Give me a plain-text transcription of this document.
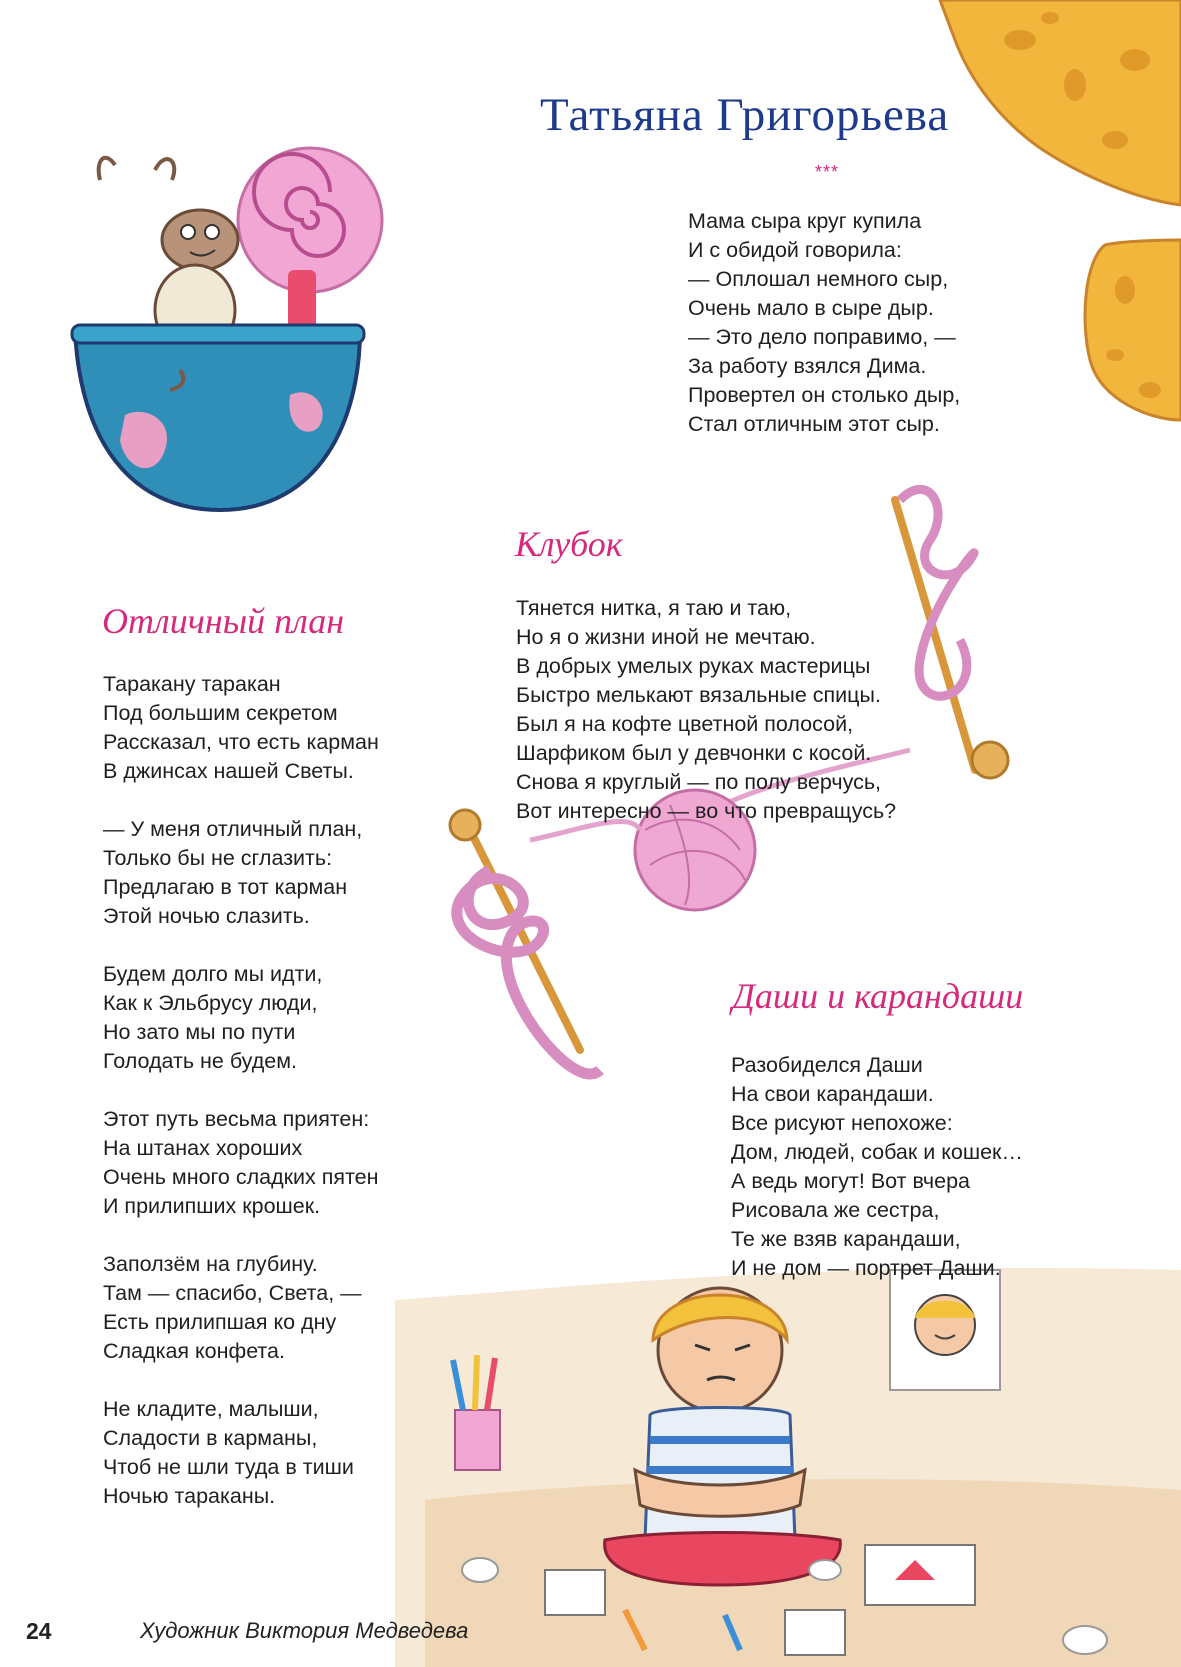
Татьяна Григорьева
***
Мама сыра круг купила
И с обидой говорила:
— Оплошал немного сыр,
Очень мало в сыре дыр.
— Это дело поправимо, —
За работу взялся Дима.
Провертел он столько дыр,
Стал отличным этот сыр.
Отличный план
Таракану таракан
Под большим секретом
Рассказал, что есть карман
В джинсах нашей Светы.
— У меня отличный план,
Только бы не сглазить:
Предлагаю в тот карман
Этой ночью слазить.
Будем долго мы идти,
Как к Эльбрусу люди,
Но зато мы по пути
Голодать не будем.
Этот путь весьма приятен:
На штанах хороших
Очень много сладких пятен
И прилипших крошек.
Заползём на глубину.
Там — спасибо, Света, —
Есть прилипшая ко дну
Сладкая конфета.
Не кладите, малыши,
Сладости в карманы,
Чтоб не шли туда в тиши
Ночью тараканы.
Клубок
Тянется нитка, я таю и таю,
Но я о жизни иной не мечтаю.
В добрых умелых руках мастерицы
Быстро мелькают вязальные спицы.
Был я на кофте цветной полосой,
Шарфиком был у девчонки с косой.
Снова я круглый — по полу верчусь,
Вот интересно — во что превращусь?
Даши и карандаши
Разобиделся Даши
На свои карандаши.
Все рисуют непохоже:
Дом, людей, собак и кошек…
А ведь могут! Вот вчера
Рисовала же сестра,
Те же взяв карандаши,
И не дом — портрет Даши.
24	Художник Виктория Медведева
